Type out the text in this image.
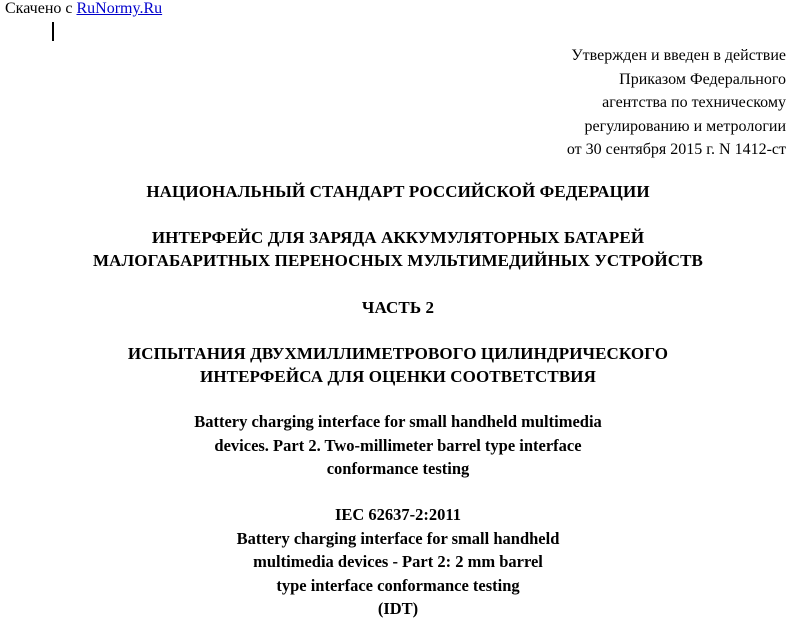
Скачено с RuNormy.Ru
Утвержден и введен в действие
Приказом Федерального
агентства по техническому
регулированию и метрологии
от 30 сентября 2015 г. N 1412-ст
НАЦИОНАЛЬНЫЙ СТАНДАРТ РОССИЙСКОЙ ФЕДЕРАЦИИ
ИНТЕРФЕЙС ДЛЯ ЗАРЯДА АККУМУЛЯТОРНЫХ БАТАРЕЙ
МАЛОГАБАРИТНЫХ ПЕРЕНОСНЫХ МУЛЬТИМЕДИЙНЫХ УСТРОЙСТВ
ЧАСТЬ 2
ИСПЫТАНИЯ ДВУХМИЛЛИМЕТРОВОГО ЦИЛИНДРИЧЕСКОГО
ИНТЕРФЕЙСА ДЛЯ ОЦЕНКИ СООТВЕТСТВИЯ
Battery charging interface for small handheld multimedia
devices. Part 2. Two-millimeter barrel type interface
conformance testing
IEC 62637-2:2011
Battery charging interface for small handheld
multimedia devices - Part 2: 2 mm barrel
type interface conformance testing
(IDT)
